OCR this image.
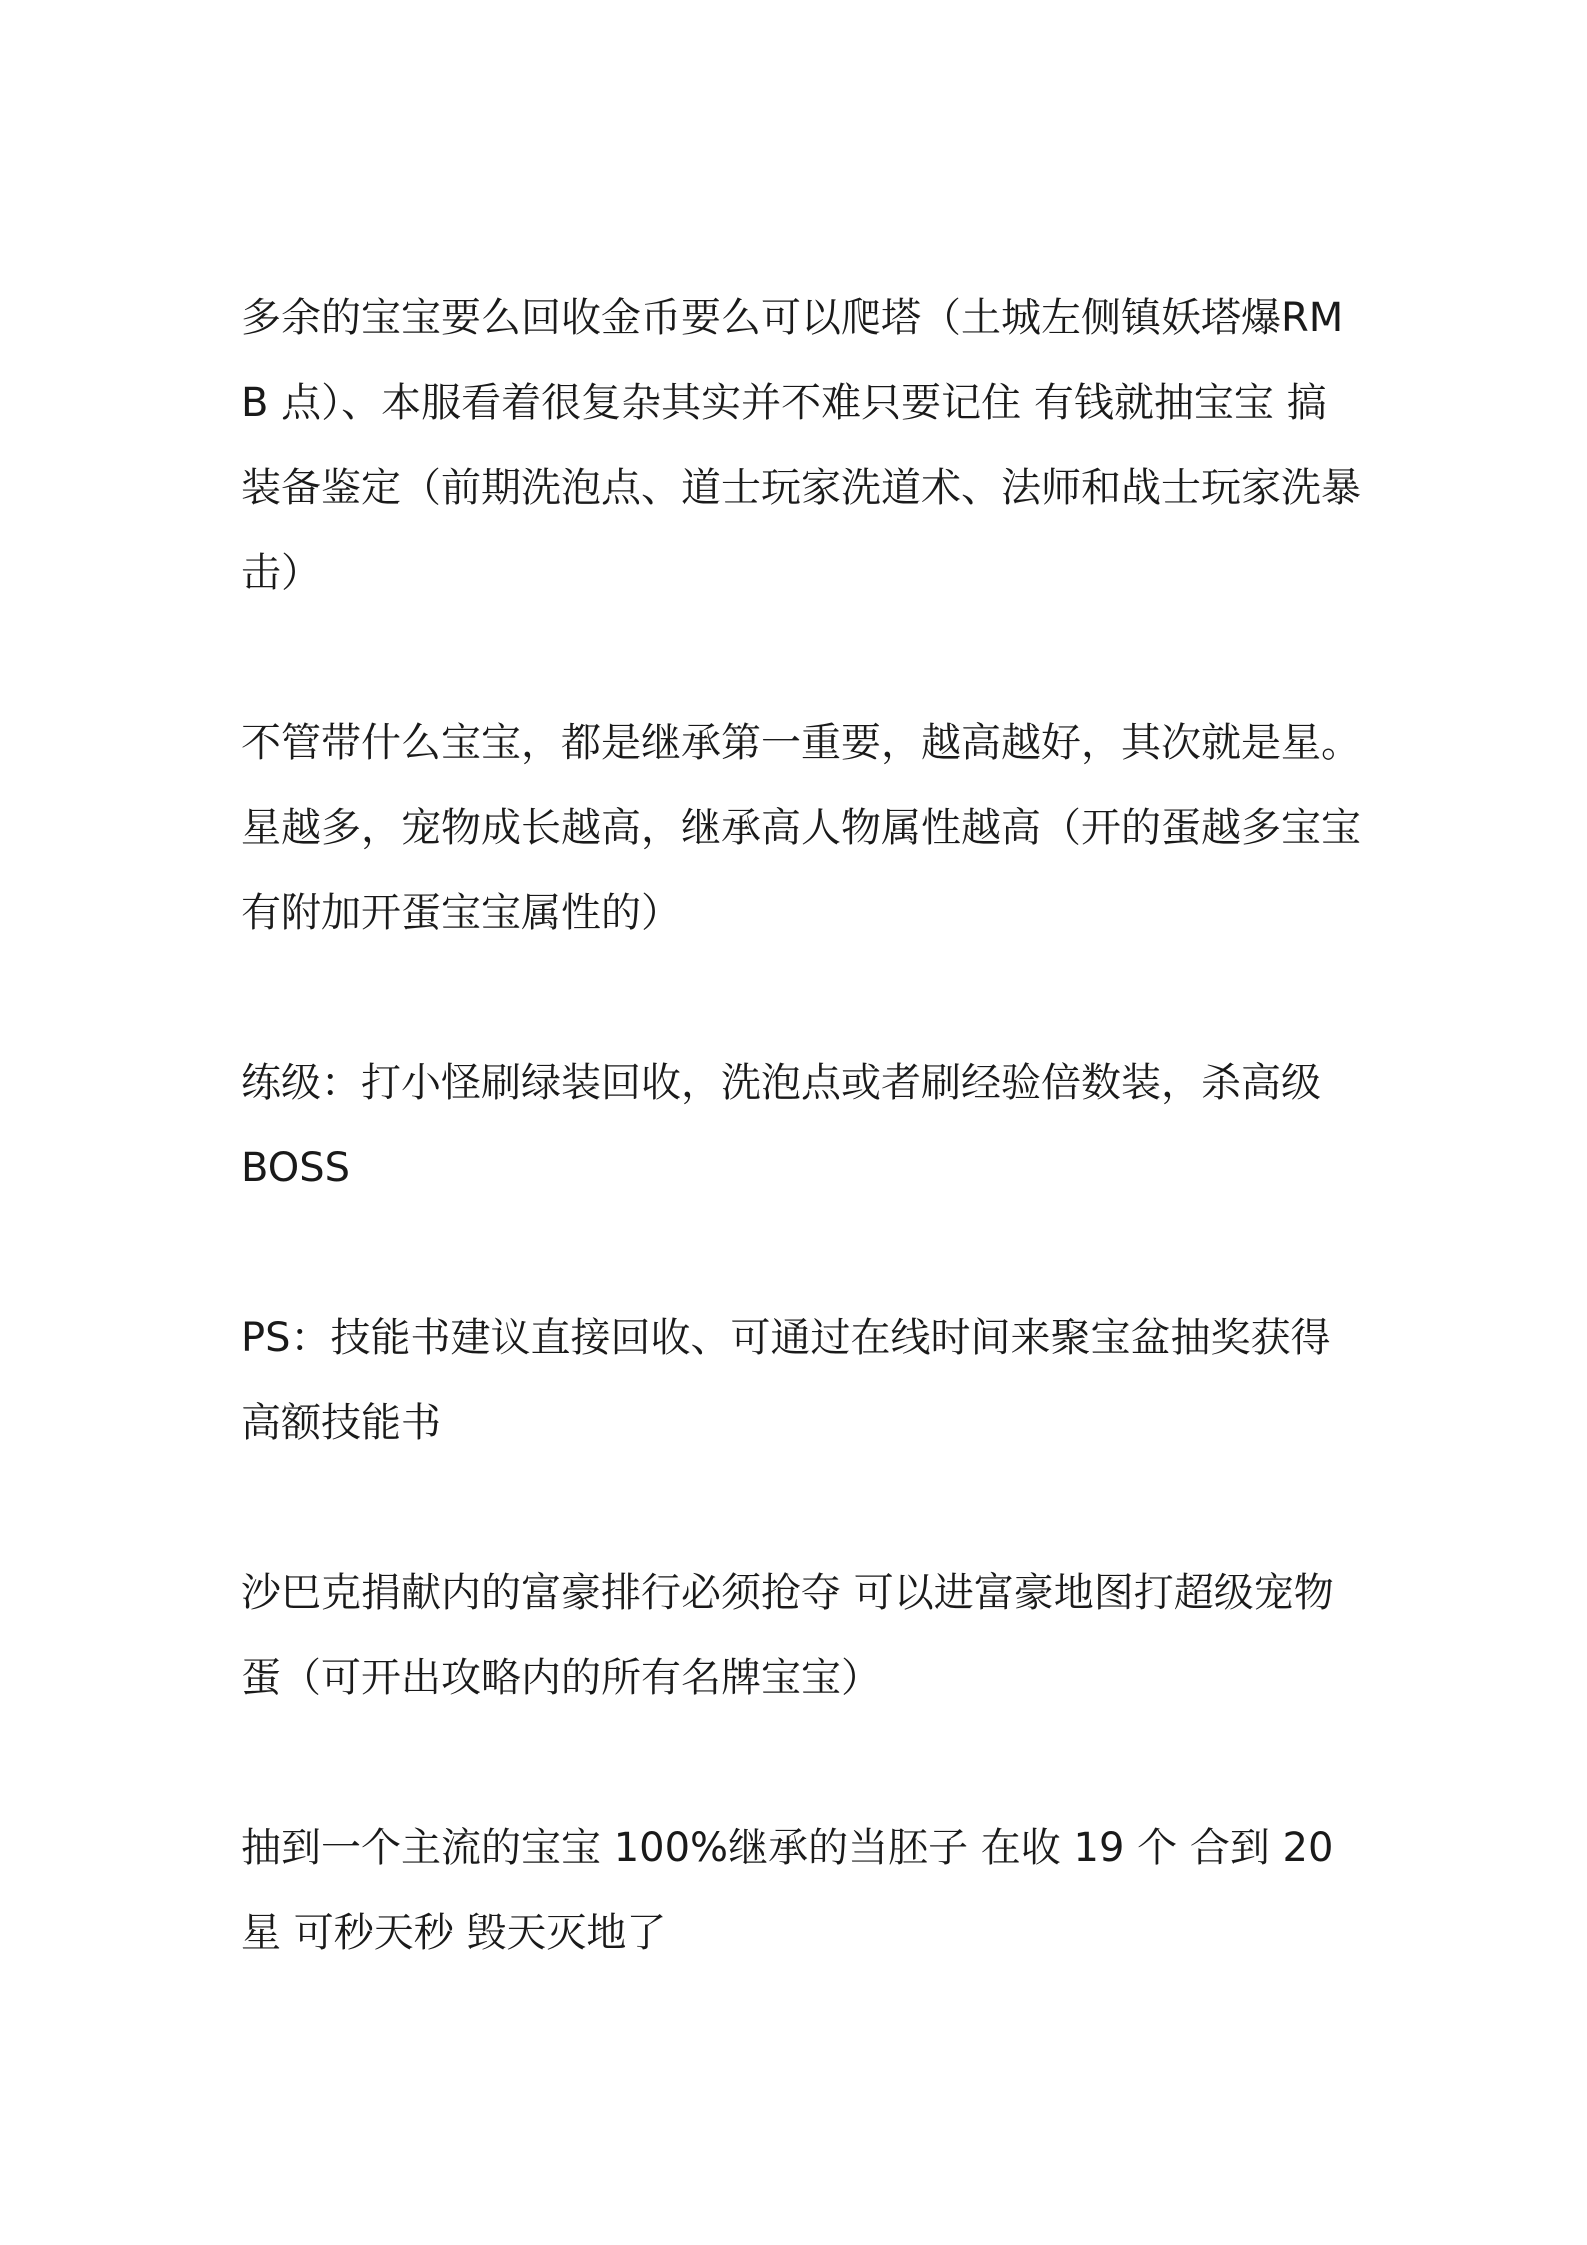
多余的宝宝要么回收金币要么可以爬塔（土城左侧镇妖塔爆RMB 点）、本服看着很复杂其实并不难只要记住 有钱就抽宝宝 搞装备鉴定（前期洗泡点、道士玩家洗道术、法师和战士玩家洗暴击）

不管带什么宝宝，都是继承第一重要，越高越好，其次就是星。星越多，宠物成长越高，继承高人物属性越高（开的蛋越多宝宝有附加开蛋宝宝属性的）

练级：打小怪刷绿装回收，洗泡点或者刷经验倍数装，杀高级 BOSS

PS：技能书建议直接回收、可通过在线时间来聚宝盆抽奖获得高额技能书

沙巴克捐献内的富豪排行必须抢夺 可以进富豪地图打超级宠物蛋（可开出攻略内的所有名牌宝宝）

抽到一个主流的宝宝 100%继承的当胚子 在收 19 个 合到 20 星 可秒天秒 毁天灭地了
